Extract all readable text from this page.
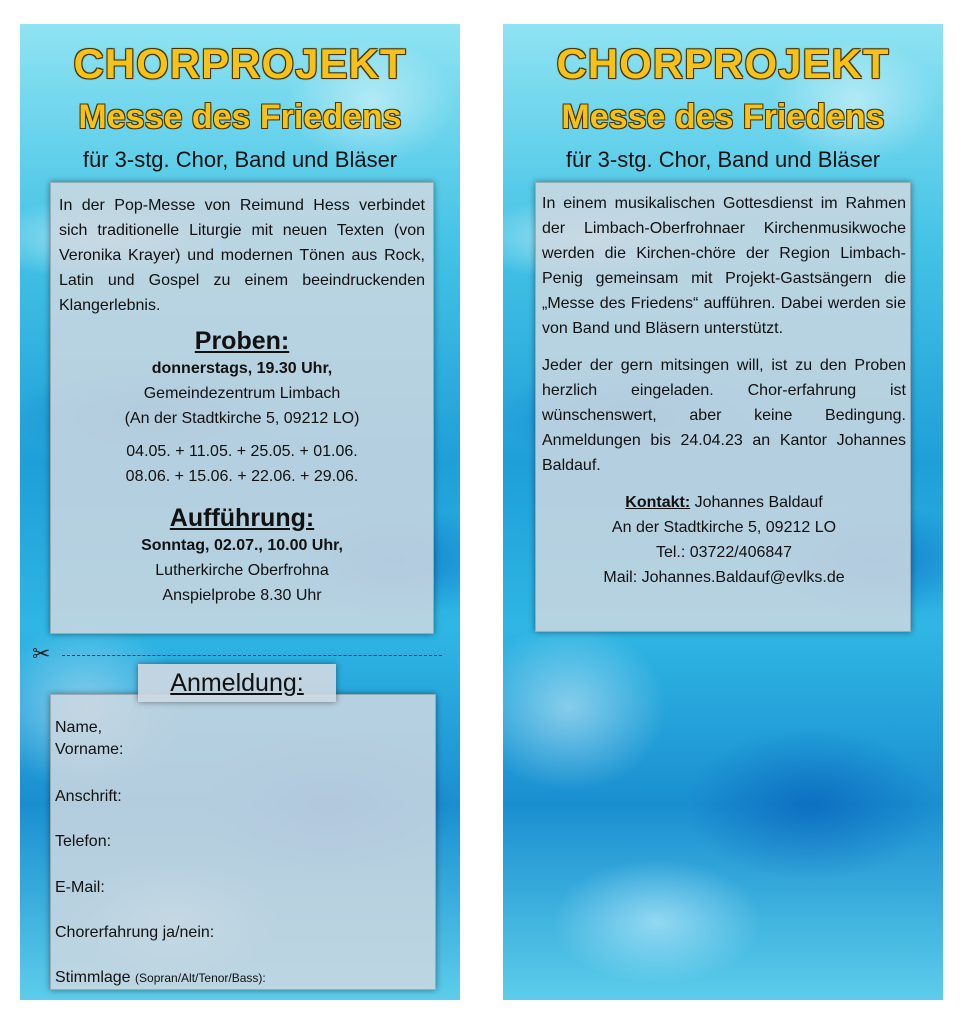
CHORPROJEKT
Messe des Friedens
für 3-stg. Chor, Band und Bläser

In der Pop-Messe von Reimund Hess verbindet sich traditionelle Liturgie mit neuen Texten (von Veronika Krayer) und modernen Tönen aus Rock, Latin und Gospel zu einem beeindruckenden Klangerlebnis.

Proben:
donnerstags, 19.30 Uhr,
Gemeindezentrum Limbach
(An der Stadtkirche 5, 09212 LO)
04.05. + 11.05. + 25.05. + 01.06.
08.06. + 15.06. + 22.06. + 29.06.
Aufführung:
Sonntag, 02.07., 10.00 Uhr,
Lutherkirche Oberfrohna
Anspielprobe 8.30 Uhr
✂
Anmeldung:
Name,
Vorname:
Anschrift:
Telefon:
E-Mail:
Chorerfahrung ja/nein:
Stimmlage (Sopran/Alt/Tenor/Bass):
CHORPROJEKT
Messe des Friedens
für 3-stg. Chor, Band und Bläser

In einem musikalischen Gottesdienst im Rahmen der Limbach-Oberfrohnaer Kirchenmusikwoche werden die Kirchen-chöre der Region Limbach-Penig gemeinsam mit Projekt-Gastsängern die „Messe des Friedens“ aufführen. Dabei werden sie von Band und Bläsern unterstützt.

Jeder der gern mitsingen will, ist zu den Proben herzlich eingeladen. Chor-erfahrung ist wünschenswert, aber keine Bedingung. Anmeldungen bis 24.04.23 an Kantor Johannes Baldauf.

Kontakt: Johannes Baldauf
An der Stadtkirche 5, 09212 LO
Tel.: 03722/406847
Mail: Johannes.Baldauf@evlks.de
